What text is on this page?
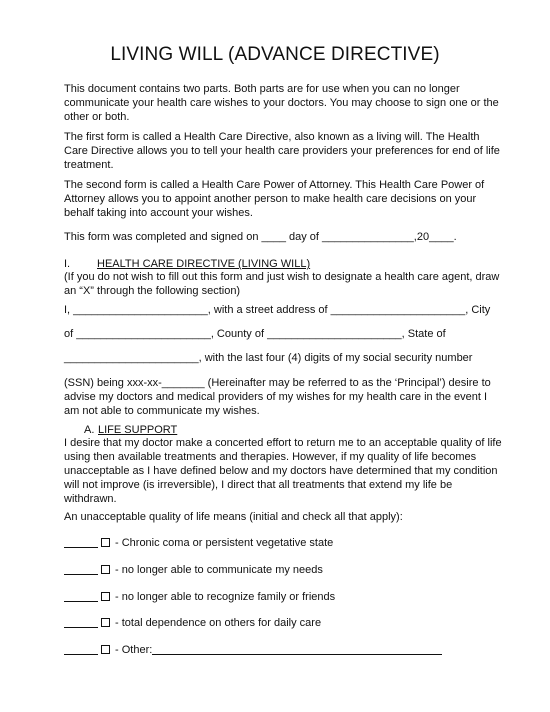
LIVING WILL (ADVANCE DIRECTIVE)

This document contains two parts. Both parts are for use when you can no longer communicate your health care wishes to your doctors. You may choose to sign one or the other or both.

The first form is called a Health Care Directive, also known as a living will. The Health Care Directive allows you to tell your health care providers your preferences for end of life treatment.

The second form is called a Health Care Power of Attorney. This Health Care Power of Attorney allows you to appoint another person to make health care decisions on your behalf taking into account your wishes.

This form was completed and signed on ____ day of _______________,20____.
I. HEALTH CARE DIRECTIVE (LIVING WILL)

(If you do not wish to fill out this form and just wish to designate a health care agent, draw an “X” through the following section)

I, ______________________, with a street address of ______________________, City
of ______________________, County of ______________________, State of
______________________, with the last four (4) digits of my social security number

(SSN) being xxx-xx-_______ (Hereinafter may be referred to as the ‘Principal’) desire to advise my doctors and medical providers of my wishes for my health care in the event I am not able to communicate my wishes.

A. LIFE SUPPORT

I desire that my doctor make a concerted effort to return me to an acceptable quality of life using then available treatments and therapies. However, if my quality of life becomes unacceptable as I have defined below and my doctors have determined that my condition will not improve (is irreversible), I direct that all treatments that extend my life be withdrawn.

An unacceptable quality of life means (initial and check all that apply):
- Chronic coma or persistent vegetative state
- no longer able to communicate my needs
- no longer able to recognize family or friends
- total dependence on others for daily care
- Other:
